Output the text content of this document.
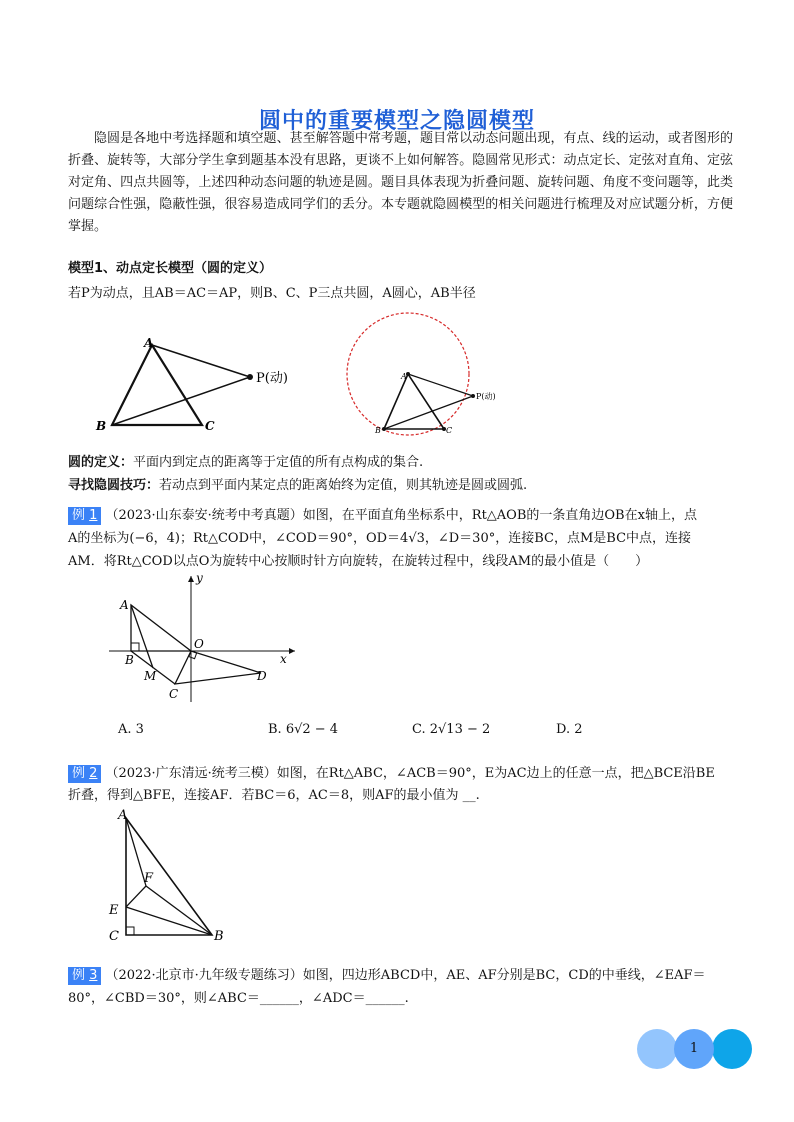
圆中的重要模型之隐圆模型
隐圆是各地中考选择题和填空题、甚至解答题中常考题，题目常以动态问题出现，有点、线的运动，或者图形的折叠、旋转等，大部分学生拿到题基本没有思路，更谈不上如何解答。隐圆常见形式：动点定长、定弦对直角、定弦对定角、四点共圆等，上述四种动态问题的轨迹是圆。题目具体表现为折叠问题、旋转问题、角度不变问题等，此类问题综合性强，隐蔽性强，很容易造成同学们的丢分。本专题就隐圆模型的相关问题进行梳理及对应试题分析，方便掌握。
模型1、动点定长模型（圆的定义）
若P为动点，且AB＝AC＝AP，则B、C、P三点共圆，A圆心，AB半径
A
B	C
P(动)	A
B	C
P(动)
圆的定义：平面内到定点的距离等于定值的所有点构成的集合.
寻找隐圆技巧：若动点到平面内某定点的距离始终为定值，则其轨迹是圆或圆弧.
例 1 （2023·山东泰安·统考中考真题）如图，在平面直角坐标系中，Rt△AOB的一条直角边OB在x轴上，点
A的坐标为(−6，4)；Rt△COD中，∠COD＝90°，OD＝4√3，∠D＝30°，连接BC，点M是BC中点，连接
AM．将Rt△COD以点O为旋转中心按顺时针方向旋转，在旋转过程中，线段AM的最小值是（　　）
A
B
M
C
O
D
x
y
A. 3	B. 6√2 − 4	C. 2√13 − 2	D. 2
例 2 （2023·广东清远·统考三模）如图，在Rt△ABC，∠ACB＝90°，E为AC边上的任意一点，把△BCE沿BE
折叠，得到△BFE，连接AF．若BC＝6，AC＝8，则AF的最小值为 __.
A
F
E
C	B
例 3 （2022·北京市·九年级专题练习）如图，四边形ABCD中，AE、AF分别是BC，CD的中垂线，∠EAF＝
80°，∠CBD＝30°，则∠ABC＝______，∠ADC＝______.
1
